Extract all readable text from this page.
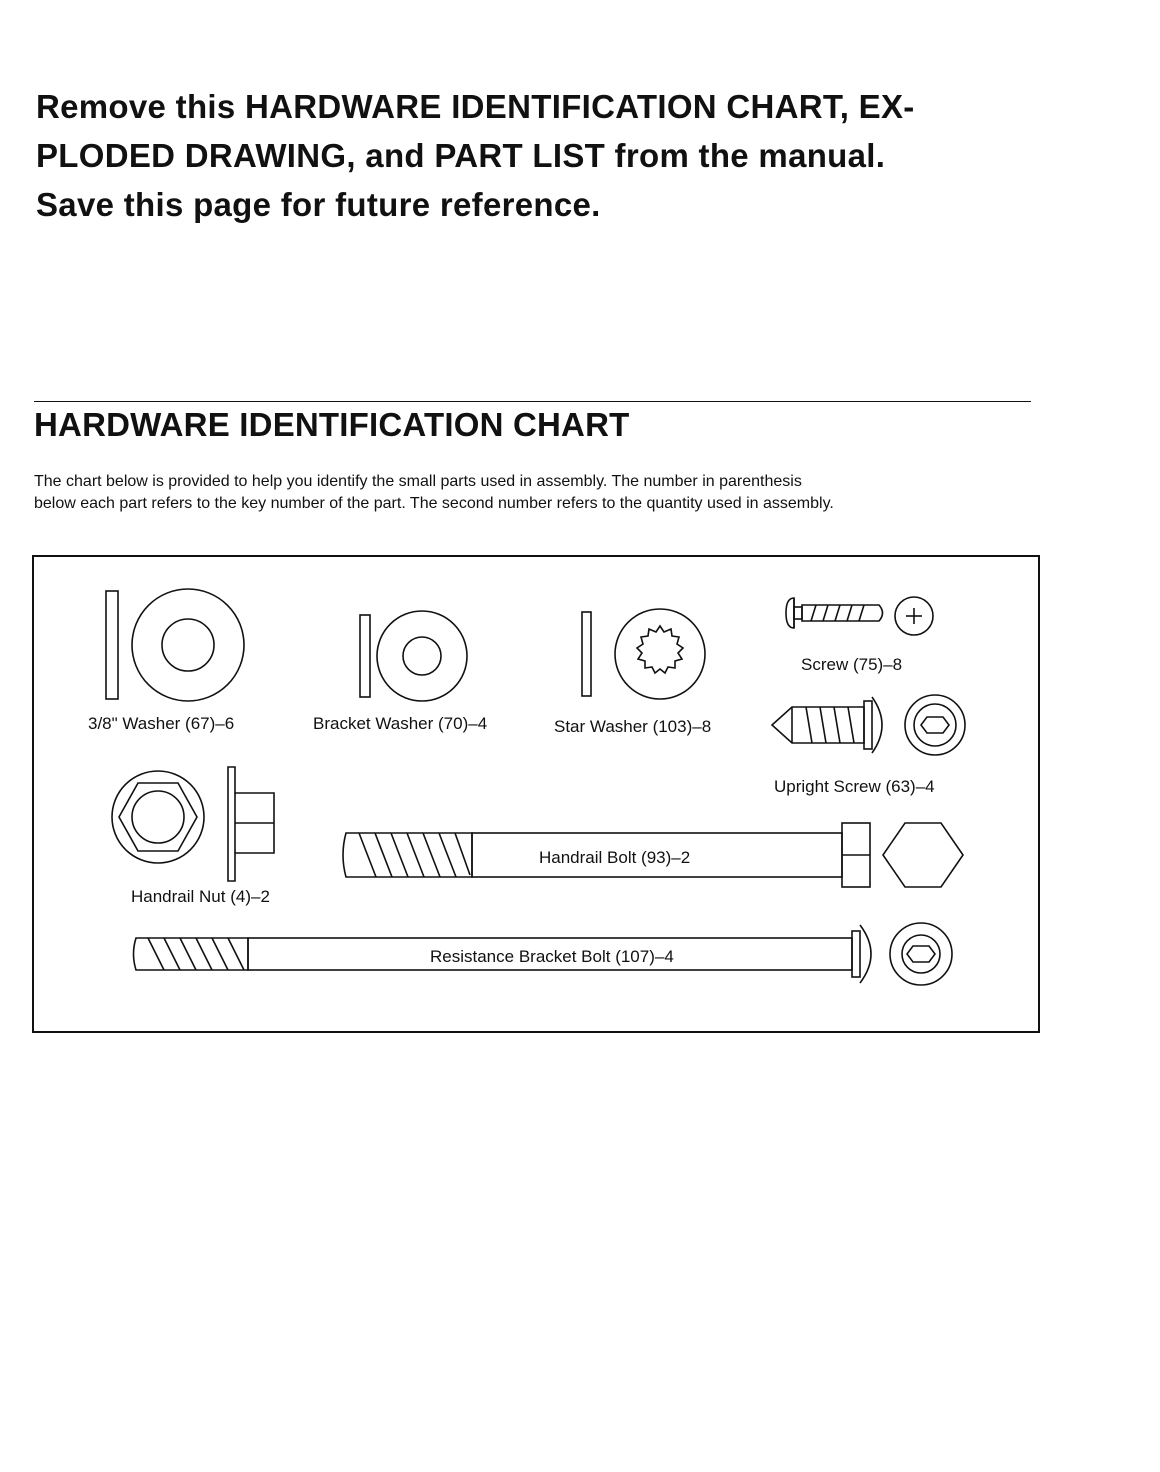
Remove this HARDWARE IDENTIFICATION CHART, EX-
PLODED DRAWING, and PART LIST from the manual.
Save this page for future reference.
HARDWARE IDENTIFICATION CHART

The chart below is provided to help you identify the small parts used in assembly. The number in parenthesis
below each part refers to the key number of the part. The second number refers to the quantity used in assembly.

3/8" Washer (67)–6	Bracket Washer (70)–4	Star Washer (103)–8
Screw (75)–8
Upright Screw (63)–4
Handrail Nut (4)–2
Handrail Bolt (93)–2
Resistance Bracket Bolt (107)–4
